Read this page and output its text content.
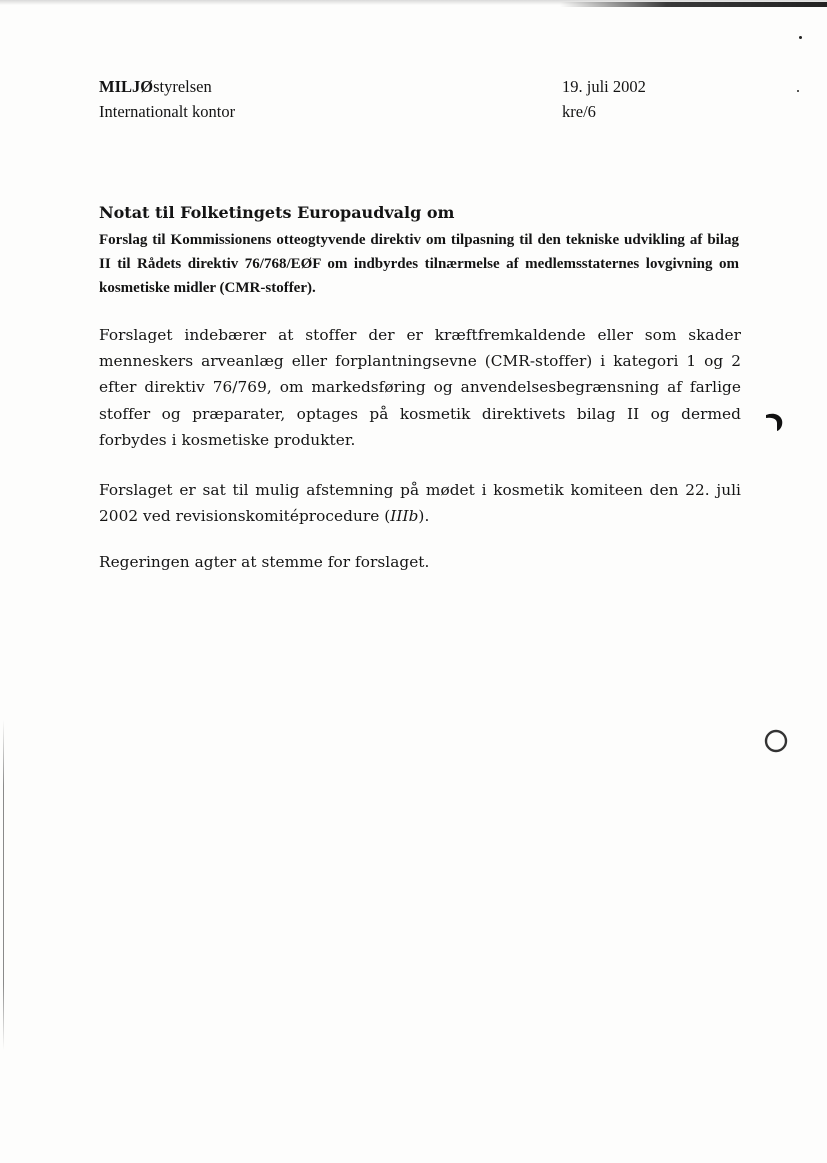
MILJØstyrelsen
Internationalt kontor
19. juli 2002
kre/6
Notat til Folketingets Europaudvalg om
Forslag til Kommissionens otteogtyvende direktiv om tilpasning til den tekniske udvikling af bilag II til Rådets direktiv 76/768/EØF om indbyrdes tilnærmelse af medlemsstaternes lovgivning om kosmetiske midler (CMR-stoffer).
Forslaget indebærer at stoffer der er kræftfremkaldende eller som skader menneskers arveanlæg eller forplantningsevne (CMR-stoffer) i kategori 1 og 2 efter direktiv 76/769, om markedsføring og anvendelsesbegrænsning af farlige stoffer og præparater, optages på kosmetik direktivets bilag II og dermed forbydes i kosmetiske produkter.
Forslaget er sat til mulig afstemning på mødet i kosmetik komiteen den 22. juli 2002 ved revisionskomitéprocedure (IIIb).
Regeringen agter at stemme for forslaget.
